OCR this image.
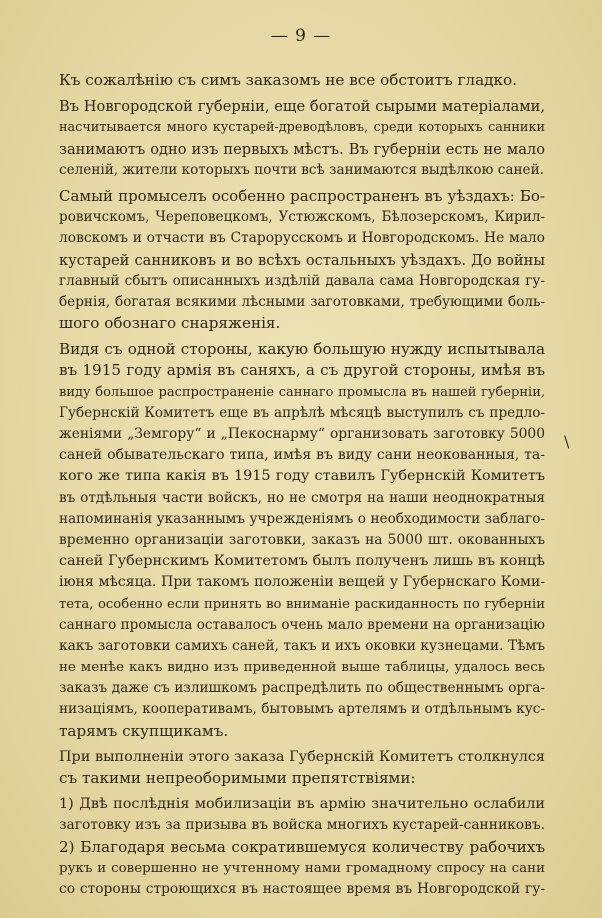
— 9 —
Къ сожалѣнію съ симъ заказомъ не все обстоитъ гладко.
Въ Новгородской губерніи, еще богатой сырыми матеріалами,
насчитывается много кустарей-древодѣловъ, среди которыхъ санники
занимаютъ одно изъ первыхъ мѣстъ. Въ губерніи есть не мало
селеній, жители которыхъ почти всѣ занимаются выдѣлкою саней.
Самый промыселъ особенно распространенъ въ уѣздахъ: Бо-
ровичскомъ, Череповецкомъ, Устюжскомъ, Бѣлозерскомъ, Кирил-
ловскомъ и отчасти въ Старорусскомъ и Новгородскомъ. Не мало
кустарей санниковъ и во всѣхъ остальныхъ уѣздахъ. До войны
главный сбытъ описанныхъ издѣлій давала сама Новгородская гу-
бернія, богатая всякими лѣсными заготовками, требующими боль-
шого обознаго снаряженія.
Видя съ одной стороны, какую большую нужду испытывала
въ 1915 году армія въ саняхъ, а съ другой стороны, имѣя въ
виду большое распространеніе саннаго промысла въ нашей губерніи,
Губернскій Комитетъ еще въ апрѣлѣ мѣсяцѣ выступилъ съ предло-
женіями „Земгору“ и „Пекоснарму“ организовать заготовку 5000
саней обывательскаго типа, имѣя въ виду сани неокованныя, та-
кого же типа какія въ 1915 году ставилъ Губернскій Комитетъ
въ отдѣльныя части войскъ, но не смотря на наши неоднократныя
напоминанія указаннымъ учрежденіямъ о необходимости заблаго-
временно организаціи заготовки, заказъ на 5000 шт. окованныхъ
саней Губернскимъ Комитетомъ былъ полученъ лишь въ концѣ
іюня мѣсяца. При такомъ положеніи вещей у Губернскаго Коми-
тета, особенно если принять во вниманіе раскиданность по губерніи
саннаго промысла оставалосъ очень мало времени на организацію
какъ заготовки самихъ саней, такъ и ихъ оковки кузнецами. Тѣмъ
не менѣе какъ видно изъ приведенной выше таблицы, удалось весь
заказъ даже съ излишкомъ распредѣлить по общественнымъ орга-
низаціямъ, кооперативамъ, бытовымъ артелямъ и отдѣльнымъ кус-
тарямъ скупщикамъ.
При выполненіи этого заказа Губернскій Комитетъ столкнулся
съ такими непреоборимыми препятствіями:
1) Двѣ послѣднія мобилизаціи въ армію значительно ослабили
заготовку изъ за призыва въ войска многихъ кустарей-санниковъ.
2) Благодаря весьма сократившемуся количеству рабочихъ
рукъ и совершенно не учтенному нами громадному спросу на сани
со стороны строющихся въ настоящее время въ Новгородской гу-
\
